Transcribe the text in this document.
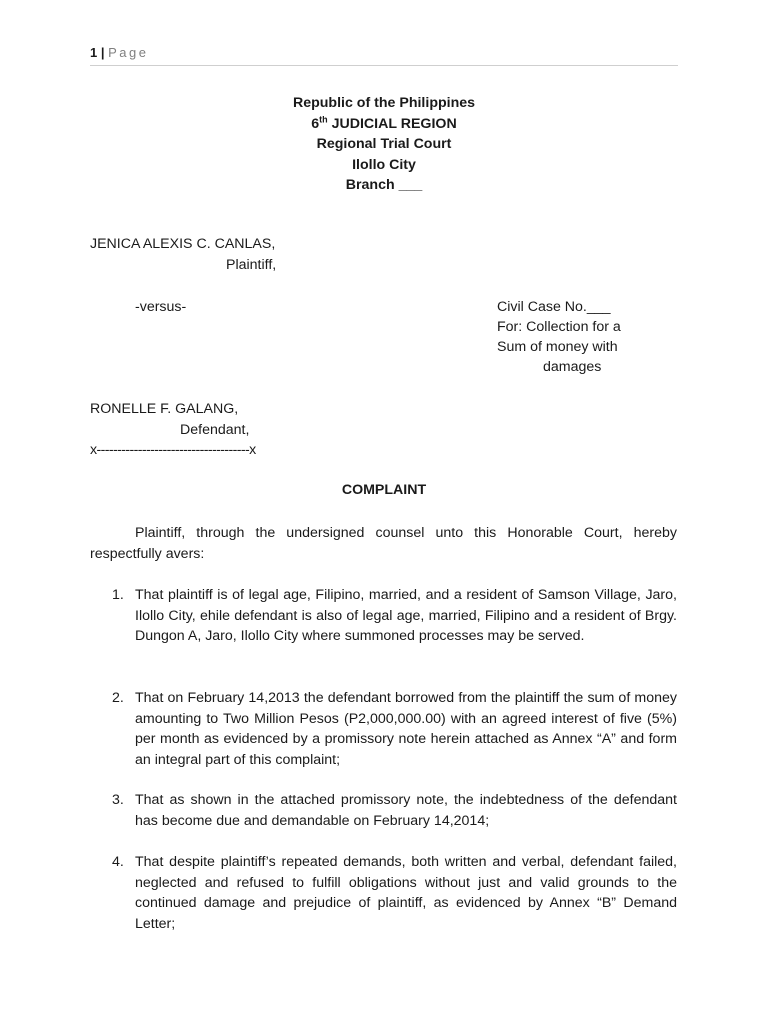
1 | Page
Republic of the Philippines
6th JUDICIAL REGION
Regional Trial Court
Ilollo City
Branch ___
JENICA ALEXIS C. CANLAS,
Plaintiff,
-versus-	Civil Case No.___
For: Collection for a
Sum of money with
damages
RONELLE F. GALANG,
Defendant,
x-------------------------------------x
COMPLAINT
Plaintiff, through the undersigned counsel unto this Honorable Court, hereby respectfully avers:
1. That plaintiff is of legal age, Filipino, married, and a resident of Samson Village, Jaro, Ilollo City, ehile defendant is also of legal age, married, Filipino and a resident of Brgy. Dungon A, Jaro, Ilollo City where summoned processes may be served.
2. That on February 14,2013 the defendant borrowed from the plaintiff the sum of money amounting to Two Million Pesos (P2,000,000.00) with an agreed interest of five (5%) per month as evidenced by a promissory note herein attached as Annex “A” and form an integral part of this complaint;
3. That as shown in the attached promissory note, the indebtedness of the defendant has become due and demandable on February 14,2014;
4. That despite plaintiff’s repeated demands, both written and verbal, defendant failed, neglected and refused to fulfill obligations without just and valid grounds to the continued damage and prejudice of plaintiff, as evidenced by Annex “B” Demand Letter;
